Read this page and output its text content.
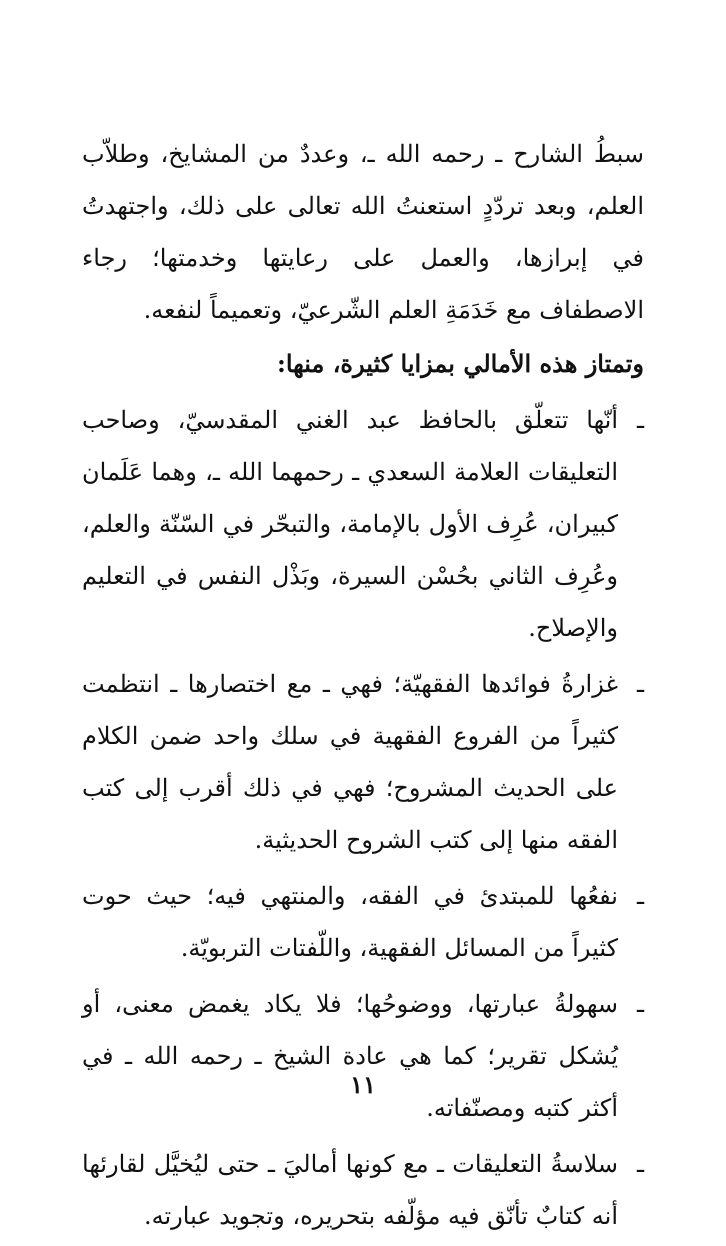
سبطُ الشارح ـ رحمه الله ـ، وعددٌ من المشايخ، وطلاّب العلم، وبعد تردّدٍ استعنتُ الله تعالى على ذلك، واجتهدتُ في إبرازها، والعمل على رعايتها وخدمتها؛ رجاء الاصطفاف مع خَدَمَةِ العلم الشّرعيّ، وتعميماً لنفعه.

وتمتاز هذه الأمالي بمزايا كثيرة، منها:

ـ
أنّها تتعلّق بالحافظ عبد الغني المقدسيّ، وصاحب التعليقات العلامة السعدي ـ رحمهما الله ـ، وهما عَلَمان كبيران، عُرِف الأول بالإمامة، والتبحّر في السّنّة والعلم، وعُرِف الثاني بحُسْن السيرة، وبَذْل النفس في التعليم والإصلاح.

ـ
غزارةُ فوائدها الفقهيّة؛ فهي ـ مع اختصارها ـ انتظمت كثيراً من الفروع الفقهية في سلك واحد ضمن الكلام على الحديث المشروح؛ فهي في ذلك أقرب إلى كتب الفقه منها إلى كتب الشروح الحديثية.

ـ
نفعُها للمبتدئ في الفقه، والمنتهي فيه؛ حيث حوت كثيراً من المسائل الفقهية، واللّفتات التربويّة.

ـ
سهولةُ عبارتها، ووضوحُها؛ فلا يكاد يغمض معنى، أو يُشكل تقرير؛ كما هي عادة الشيخ ـ رحمه الله ـ في أكثر كتبه ومصنّفاته.

ـ
سلاسةُ التعليقات ـ مع كونها أماليَ ـ حتى ليُخيَّل لقارئها أنه كتابٌ تأنّق فيه مؤلّفه بتحريره، وتجويد عبارته.

١١
